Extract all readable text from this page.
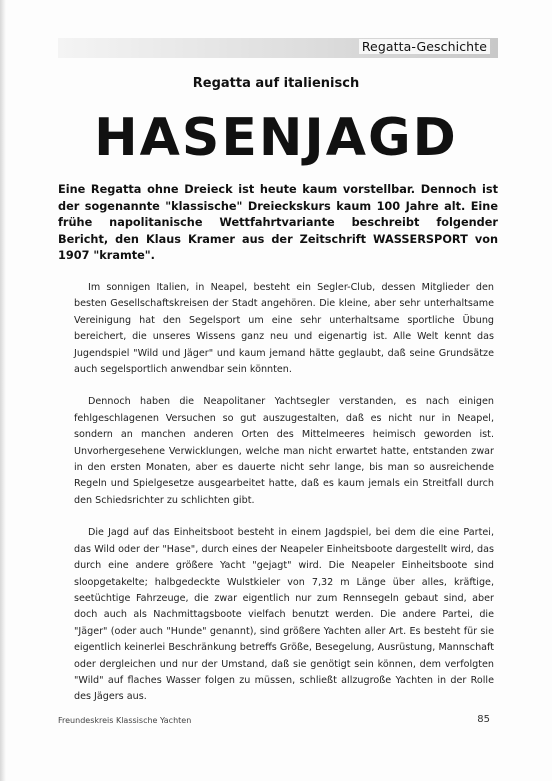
Regatta-Geschichte
Regatta auf italienisch
HASENJAGD
Eine Regatta ohne Dreieck ist heute kaum vorstellbar. Dennoch ist der sogenannte "klassische" Dreieckskurs kaum 100 Jahre alt. Eine frühe napolitanische Wettfahrtvariante beschreibt folgender Bericht, den Klaus Kramer aus der Zeitschrift WASSERSPORT von 1907 "kramte".

Im sonnigen Italien, in Neapel, besteht ein Segler-Club, dessen Mitglieder den besten Gesellschaftskreisen der Stadt angehören. Die kleine, aber sehr unterhaltsame Vereinigung hat den Segelsport um eine sehr unterhaltsame sportliche Übung bereichert, die unseres Wissens ganz neu und eigenartig ist. Alle Welt kennt das Jugendspiel "Wild und Jäger" und kaum jemand hätte geglaubt, daß seine Grundsätze auch segelsportlich anwendbar sein könnten.

Dennoch haben die Neapolitaner Yachtsegler verstanden, es nach einigen fehlgeschlagenen Versuchen so gut auszugestalten, daß es nicht nur in Neapel, sondern an manchen anderen Orten des Mittelmeeres heimisch geworden ist. Unvorhergesehene Verwicklungen, welche man nicht erwartet hatte, entstanden zwar in den ersten Monaten, aber es dauerte nicht sehr lange, bis man so ausreichende Regeln und Spielgesetze ausgearbeitet hatte, daß es kaum jemals ein Streitfall durch den Schiedsrichter zu schlichten gibt.

Die Jagd auf das Einheitsboot besteht in einem Jagdspiel, bei dem die eine Partei, das Wild oder der "Hase", durch eines der Neapeler Einheitsboote dargestellt wird, das durch eine andere größere Yacht "gejagt" wird. Die Neapeler Einheitsboote sind sloopgetakelte; halbgedeckte Wulstkieler von 7,32 m Länge über alles, kräftige, seetüchtige Fahrzeuge, die zwar eigentlich nur zum Rennsegeln gebaut sind, aber doch auch als Nachmittagsboote vielfach benutzt werden. Die andere Partei, die "Jäger" (oder auch "Hunde" genannt), sind größere Yachten aller Art. Es besteht für sie eigentlich keinerlei Beschränkung betreffs Größe, Besegelung, Ausrüstung, Mannschaft oder dergleichen und nur der Umstand, daß sie genötigt sein können, dem verfolgten "Wild" auf flaches Wasser folgen zu müssen, schließt allzugroße Yachten in der Rolle des Jägers aus.

Freundeskreis Klassische Yachten	85
